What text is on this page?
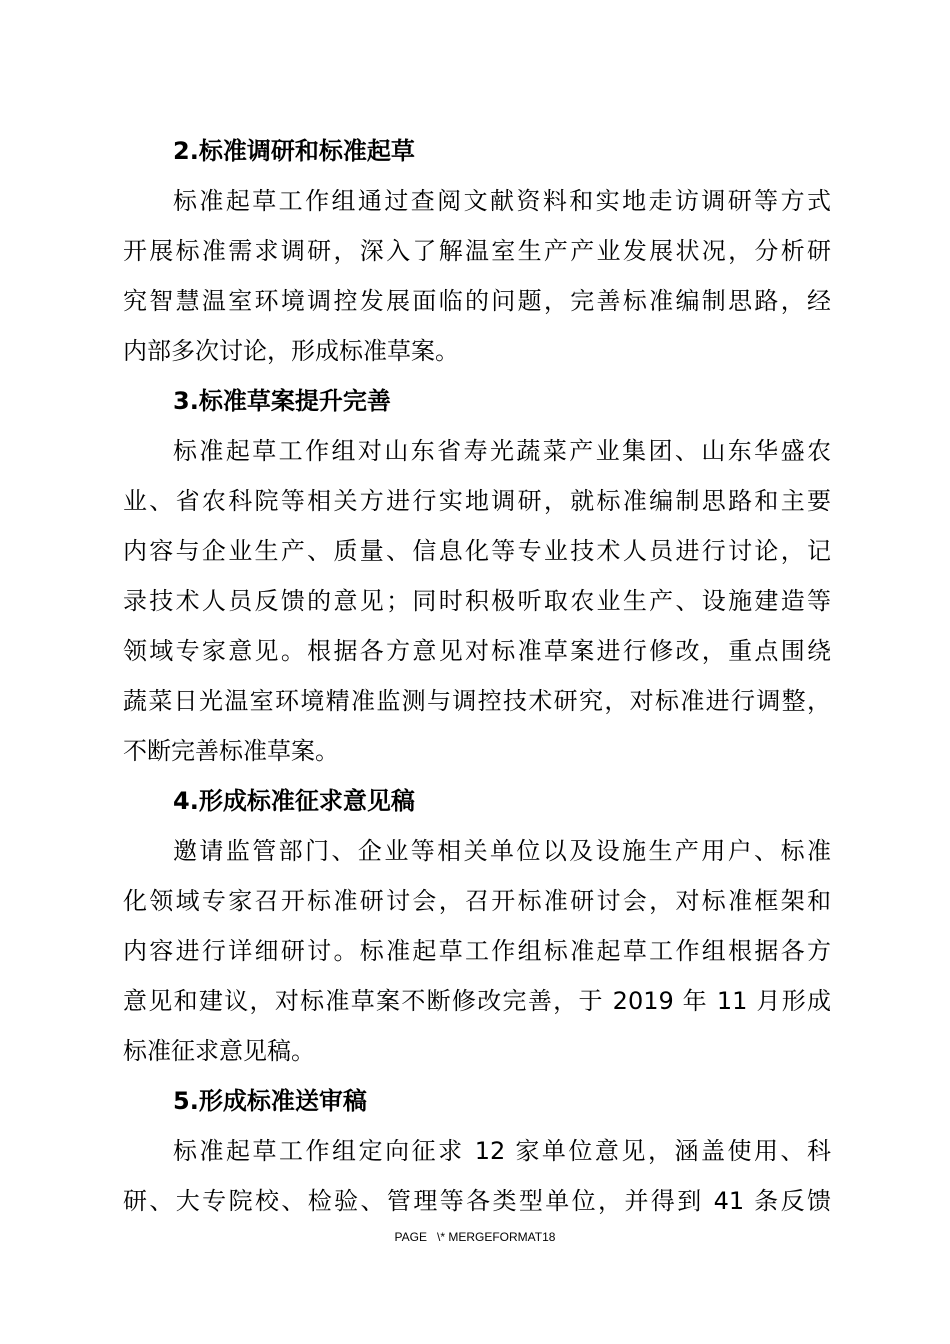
2.标准调研和标准起草

标准起草工作组通过查阅文献资料和实地走访调研等方式
开展标准需求调研，深入了解温室生产产业发展状况，分析研
究智慧温室环境调控发展面临的问题，完善标准编制思路，经
内部多次讨论，形成标准草案。

3.标准草案提升完善

标准起草工作组对山东省寿光蔬菜产业集团、山东华盛农
业、省农科院等相关方进行实地调研，就标准编制思路和主要
内容与企业生产、质量、信息化等专业技术人员进行讨论，记
录技术人员反馈的意见；同时积极听取农业生产、设施建造等
领域专家意见。根据各方意见对标准草案进行修改，重点围绕
蔬菜日光温室环境精准监测与调控技术研究，对标准进行调整，
不断完善标准草案。

4.形成标准征求意见稿

邀请监管部门、企业等相关单位以及设施生产用户、标准
化领域专家召开标准研讨会，召开标准研讨会，对标准框架和
内容进行详细研讨。标准起草工作组标准起草工作组根据各方
意见和建议，对标准草案不断修改完善，于 2019 年 11 月形成
标准征求意见稿。

5.形成标准送审稿

标准起草工作组定向征求 12 家单位意见，涵盖使用、科
研、大专院校、检验、管理等各类型单位，并得到 41 条反馈

PAGE   \* MERGEFORMAT18
